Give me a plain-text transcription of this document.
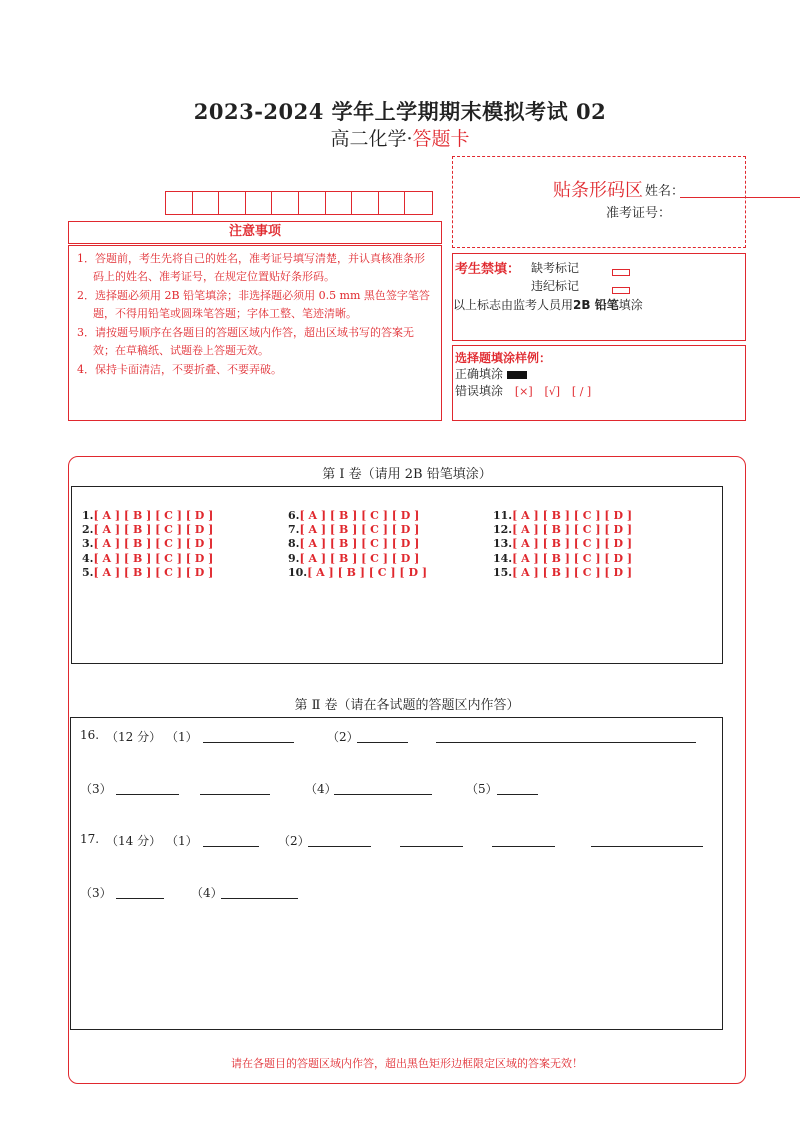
2023-2024 学年上学期期末模拟考试 02
高二化学·答题卡
姓名：
贴条形码区
准考证号：
注意事项

1．答题前，考生先将自己的姓名，准考证号填写清楚，并认真核准条形码上的姓名、准考证号，在规定位置贴好条形码。

2．选择题必须用 2B 铅笔填涂；非选择题必须用 0.5 mm 黑色签字笔答题，不得用铅笔或圆珠笔答题；字体工整、笔迹清晰。

3．请按题号顺序在各题目的答题区域内作答，超出区域书写的答案无效；在草稿纸、试题卷上答题无效。

4．保持卡面清洁，不要折叠、不要弄破。

考生禁填： 缺考标记
违纪标记
以上标志由监考人员用2B 铅笔填涂
选择题填涂样例：
正确填涂
错误填涂 [×] [√] [ / ]
第 Ⅰ 卷（请用 2B 铅笔填涂）
1.[ A ] [ B ] [ C ] [ D ]
2.[ A ] [ B ] [ C ] [ D ]
3.[ A ] [ B ] [ C ] [ D ]
4.[ A ] [ B ] [ C ] [ D ]
5.[ A ] [ B ] [ C ] [ D ]
6.[ A ] [ B ] [ C ] [ D ]
7.[ A ] [ B ] [ C ] [ D ]
8.[ A ] [ B ] [ C ] [ D ]
9.[ A ] [ B ] [ C ] [ D ]
10.[ A ] [ B ] [ C ] [ D ]
11.[ A ] [ B ] [ C ] [ D ]
12.[ A ] [ B ] [ C ] [ D ]
13.[ A ] [ B ] [ C ] [ D ]
14.[ A ] [ B ] [ C ] [ D ]
15.[ A ] [ B ] [ C ] [ D ]
第 Ⅱ 卷（请在各试题的答题区内作答）
16. （12 分） （1）	（2）
（3）	（4）	（5）
17. （14 分） （1）	（2）
（3）	（4）
请在各题目的答题区域内作答，超出黑色矩形边框限定区域的答案无效！
